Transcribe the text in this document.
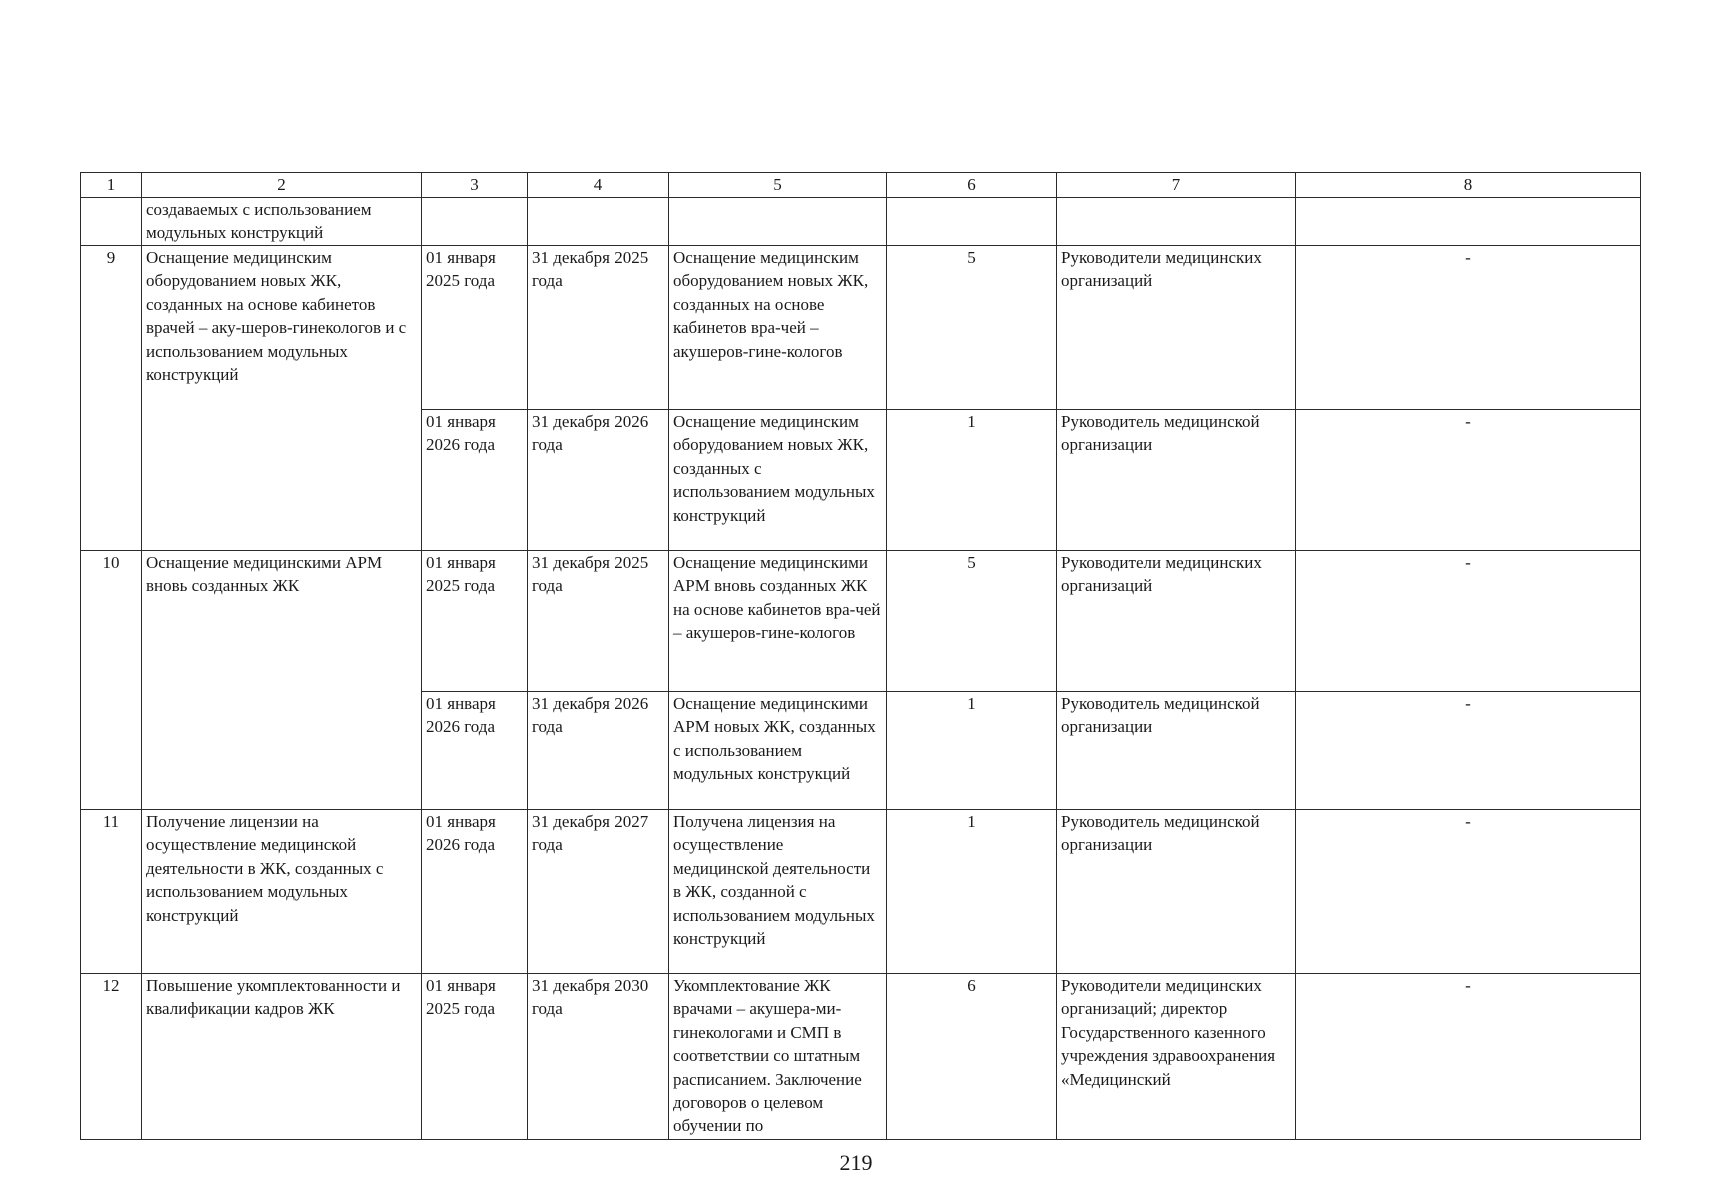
1	2	3	4	5	6	7	8
	создаваемых с использованием модульных конструкций						
9	Оснащение медицинским оборудованием новых ЖК, созданных на основе кабинетов врачей – аку-шеров-гинекологов и с использованием модульных конструкций	01 января 2025 года	31 декабря 2025 года	Оснащение медицинским оборудованием новых ЖК, созданных на основе кабинетов вра-чей – акушеров-гине-кологов	5	Руководители медицинских организаций	-
		01 января 2026 года	31 декабря 2026 года	Оснащение медицинским оборудованием новых ЖК, созданных с использованием модульных конструкций	1	Руководитель медицинской организации	-
10	Оснащение медицинскими АРМ вновь созданных ЖК	01 января 2025 года	31 декабря 2025 года	Оснащение медицинскими АРМ вновь созданных ЖК на основе кабинетов вра-чей – акушеров-гине-кологов	5	Руководители медицинских организаций	-
		01 января 2026 года	31 декабря 2026 года	Оснащение медицинскими АРМ новых ЖК, созданных с использованием модульных конструкций	1	Руководитель медицинской организации	-
11	Получение лицензии на осуществление медицинской деятельности в ЖК, созданных с использованием модульных конструкций	01 января 2026 года	31 декабря 2027 года	Получена лицензия на осуществление медицинской деятельности в ЖК, созданной с использованием модульных конструкций	1	Руководитель медицинской организации	-
12	Повышение укомплектованности и квалификации кадров ЖК	01 января 2025 года	31 декабря 2030 года	Укомплектование ЖК врачами – акушера-ми-гинекологами и СМП в соответствии со штатным расписанием. Заключение договоров о целевом обучении по	6	Руководители медицинских организаций; директор Государственного казенного учреждения здравоохранения «Медицинский	-
219
